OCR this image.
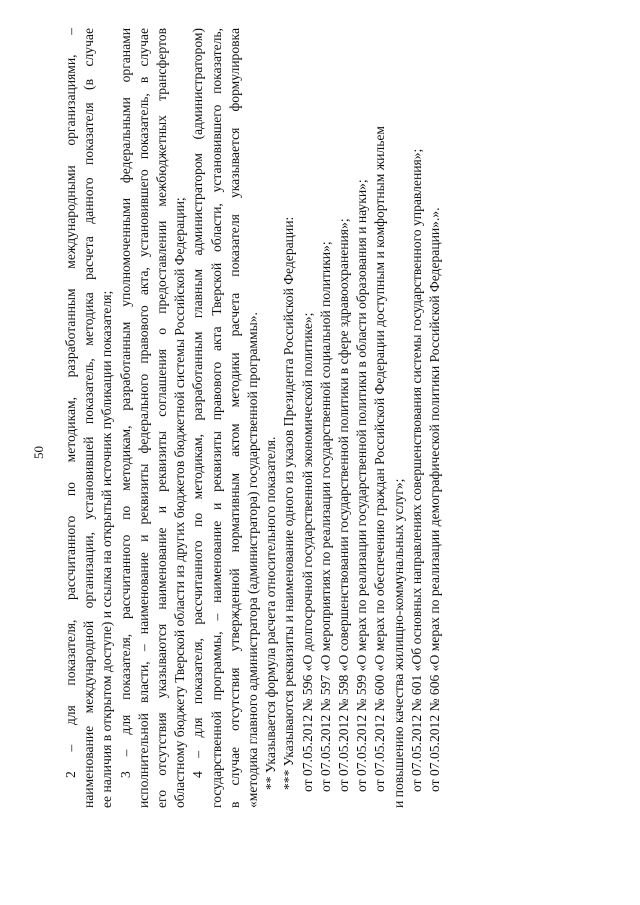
50 2 – для показателя, рассчитанного по методикам, разработанным международными организациями, – наименование международной организации, установившей показатель, методика расчета данного показателя (в случае ее наличия в открытом доступе) и ссылка на открытый источник публикации показателя; 3 – для показателя, рассчитанного по методикам, разработанным уполномоченными федеральными органами исполнительной власти, – наименование и реквизиты федерального правового акта, установившего показатель, в случае его отсутствия указываются наименование и реквизиты соглашения о предоставлении межбюджетных трансфертов областному бюджету Тверской области из других бюджетов бюджетной системы Российской Федерации; 4 – для показателя, рассчитанного по методикам, разработанным главным администратором (администратором) государственной программы, – наименование и реквизиты правового акта Тверской области, установившего показатель, в случае отсутствия утвержденной нормативным актом методики расчета показателя указывается формулировка «методика главного администратора (администратора) государственной программы». ** Указывается формула расчета относительного показателя. *** Указываются реквизиты и наименование одного из указов Президента Российской Федерации: от 07.05.2012 № 596 «О долгосрочной государственной экономической политике»; от 07.05.2012 № 597 «О мероприятиях по реализации государственной социальной политики»; от 07.05.2012 № 598 «О совершенствовании государственной политики в сфере здравоохранения»; от 07.05.2012 № 599 «О мерах по реализации государственной политики в области образования и науки»; от 07.05.2012 № 600 «О мерах по обеспечению граждан Российской Федерации доступным и комфортным жильем и повышению качества жилищно-коммунальных услуг»; от 07.05.2012 № 601 «Об основных направлениях совершенствования системы государственного управления»; от 07.05.2012 № 606 «О мерах по реализации демографической политики Российской Федерации».».
